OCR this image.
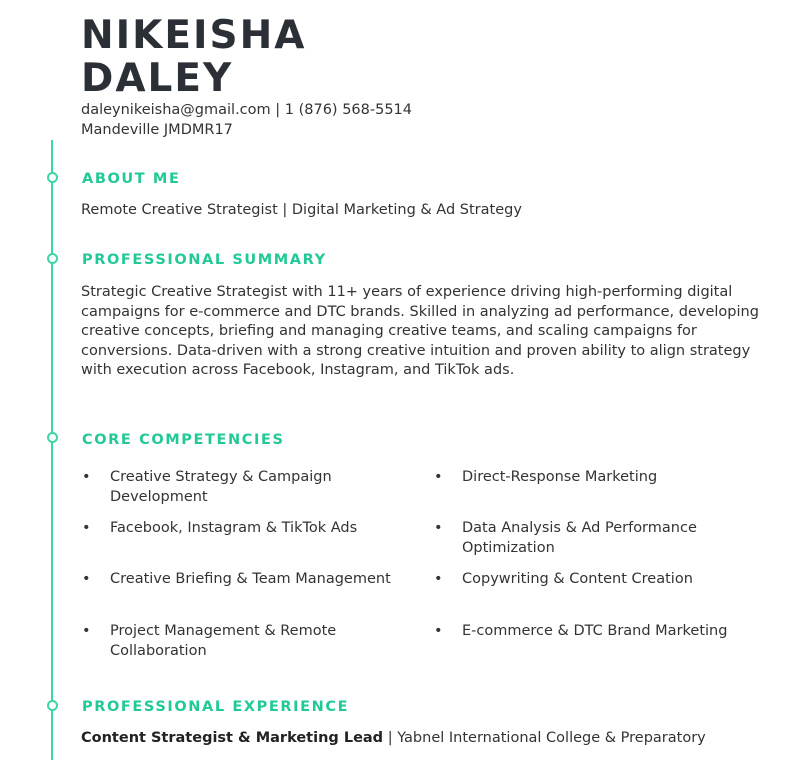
NIKEISHA
DALEY
daleynikeisha@gmail.com | 1 (876) 568-5514
Mandeville JMDMR17
ABOUT ME
Remote Creative Strategist | Digital Marketing & Ad Strategy
PROFESSIONAL SUMMARY
Strategic Creative Strategist with 11+ years of experience driving high-performing digital campaigns for e-commerce and DTC brands. Skilled in analyzing ad performance, developing creative concepts, briefing and managing creative teams, and scaling campaigns for conversions. Data-driven with a strong creative intuition and proven ability to align strategy with execution across Facebook, Instagram, and TikTok ads.
CORE COMPETENCIES
• Creative Strategy & Campaign Development
• Direct-Response Marketing
• Facebook, Instagram & TikTok Ads	• Data Analysis & Ad Performance Optimization
• Creative Briefing & Team Management	• Copywriting & Content Creation
• Project Management & Remote Collaboration
• E-commerce & DTC Brand Marketing
PROFESSIONAL EXPERIENCE
Content Strategist & Marketing Lead | Yabnel International College & Preparatory
